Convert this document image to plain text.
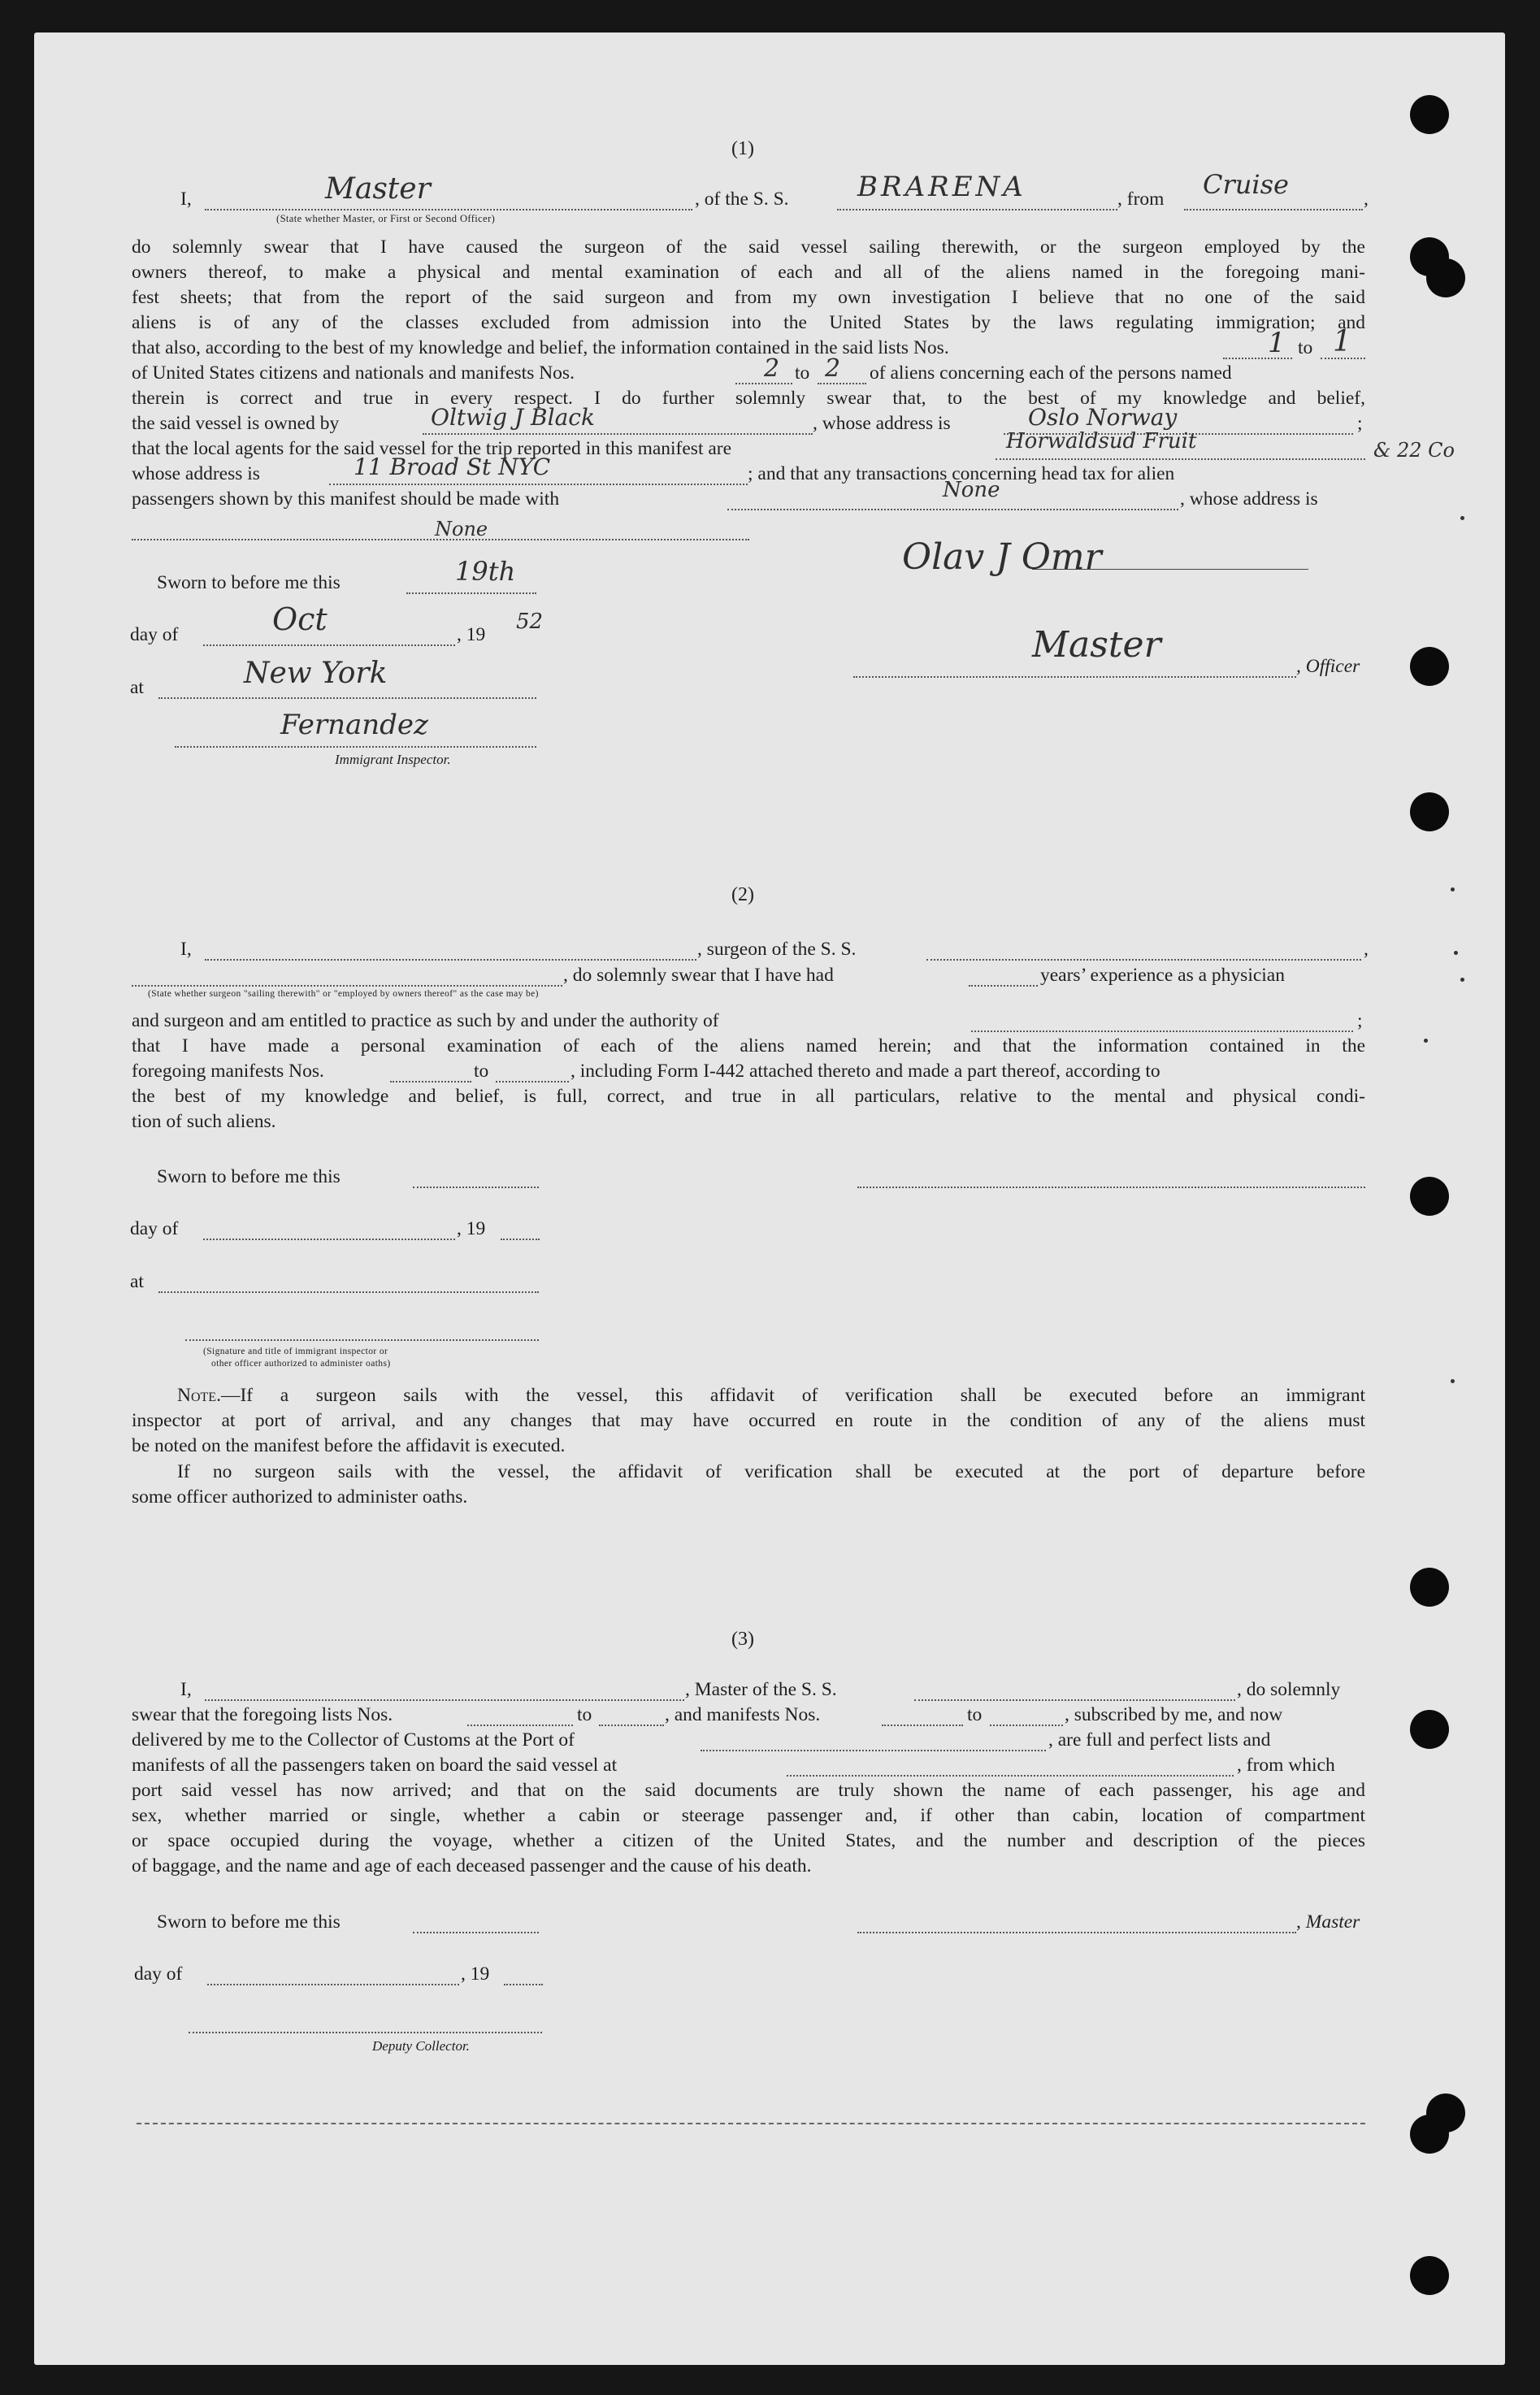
(1)
I,	Master	, of the S. S. BRARENA	, from Cruise	,
(State whether Master, or First or Second Officer)
do solemnly swear that I have caused the surgeon of the said vessel sailing therewith, or the surgeon employed by the
owners thereof, to make a physical and mental examination of each and all of the aliens named in the foregoing mani-
fest sheets; that from the report of the said surgeon and from my own investigation I believe that no one of the said
aliens is of any of the classes excluded from admission into the United States by the laws regulating immigration; and
that also, according to the best of my knowledge and belief, the information contained in the said lists Nos.	1 to 1
of United States citizens and nationals and manifests Nos.	2 to 2 of aliens concerning each of the persons named
therein is correct and true in every respect. I do further solemnly swear that, to the best of my knowledge and belief,
the said vessel is owned by	Oltwig J Black	, whose address is	Oslo Norway	;
that the local agents for the said vessel for the trip reported in this manifest are	Horwaldsud Fruit	& 22 Co
whose address is	11 Broad St NYC	; and that any transactions concerning head tax for alien
passengers shown by this manifest should be made with	None	, whose address is
None
Sworn to before me this	19th
day of	Oct	, 19
52
at	New York
Fernandez
Immigrant Inspector.
Olav J Omr
Master
, Officer
(2)
I,	, surgeon of the S. S.	,
, do solemnly swear that I have had	years’ experience as a physician
(State whether surgeon "sailing therewith" or "employed by owners thereof" as the case may be)
and surgeon and am entitled to practice as such by and under the authority of	;
that I have made a personal examination of each of the aliens named herein; and that the information contained in the
foregoing manifests Nos.	to	, including Form I-442 attached thereto and made a part thereof, according to
the best of my knowledge and belief, is full, correct, and true in all particulars, relative to the mental and physical condi-
tion of such aliens.
Sworn to before me this
day of	, 19
at
(Signature and title of immigrant inspector or
other officer authorized to administer oaths)
Note. —If a surgeon sails with the vessel, this affidavit of verification shall be executed before an immigrant
inspector at port of arrival, and any changes that may have occurred en route in the condition of any of the aliens must
be noted on the manifest before the affidavit is executed.
If no surgeon sails with the vessel, the affidavit of verification shall be executed at the port of departure before
some officer authorized to administer oaths.
(3)
I,	, Master of the S. S.	, do solemnly
swear that the foregoing lists Nos.	to	, and manifests Nos.	to	, subscribed by me, and now
delivered by me to the Collector of Customs at the Port of	, are full and perfect lists and
manifests of all the passengers taken on board the said vessel at	, from which
port said vessel has now arrived; and that on the said documents are truly shown the name of each passenger, his age and
sex, whether married or single, whether a cabin or steerage passenger and, if other than cabin, location of compartment
or space occupied during the voyage, whether a citizen of the United States, and the number and description of the pieces
of baggage, and the name and age of each deceased passenger and the cause of his death.
Sworn to before me this	, Master
day of	, 19
Deputy Collector.
